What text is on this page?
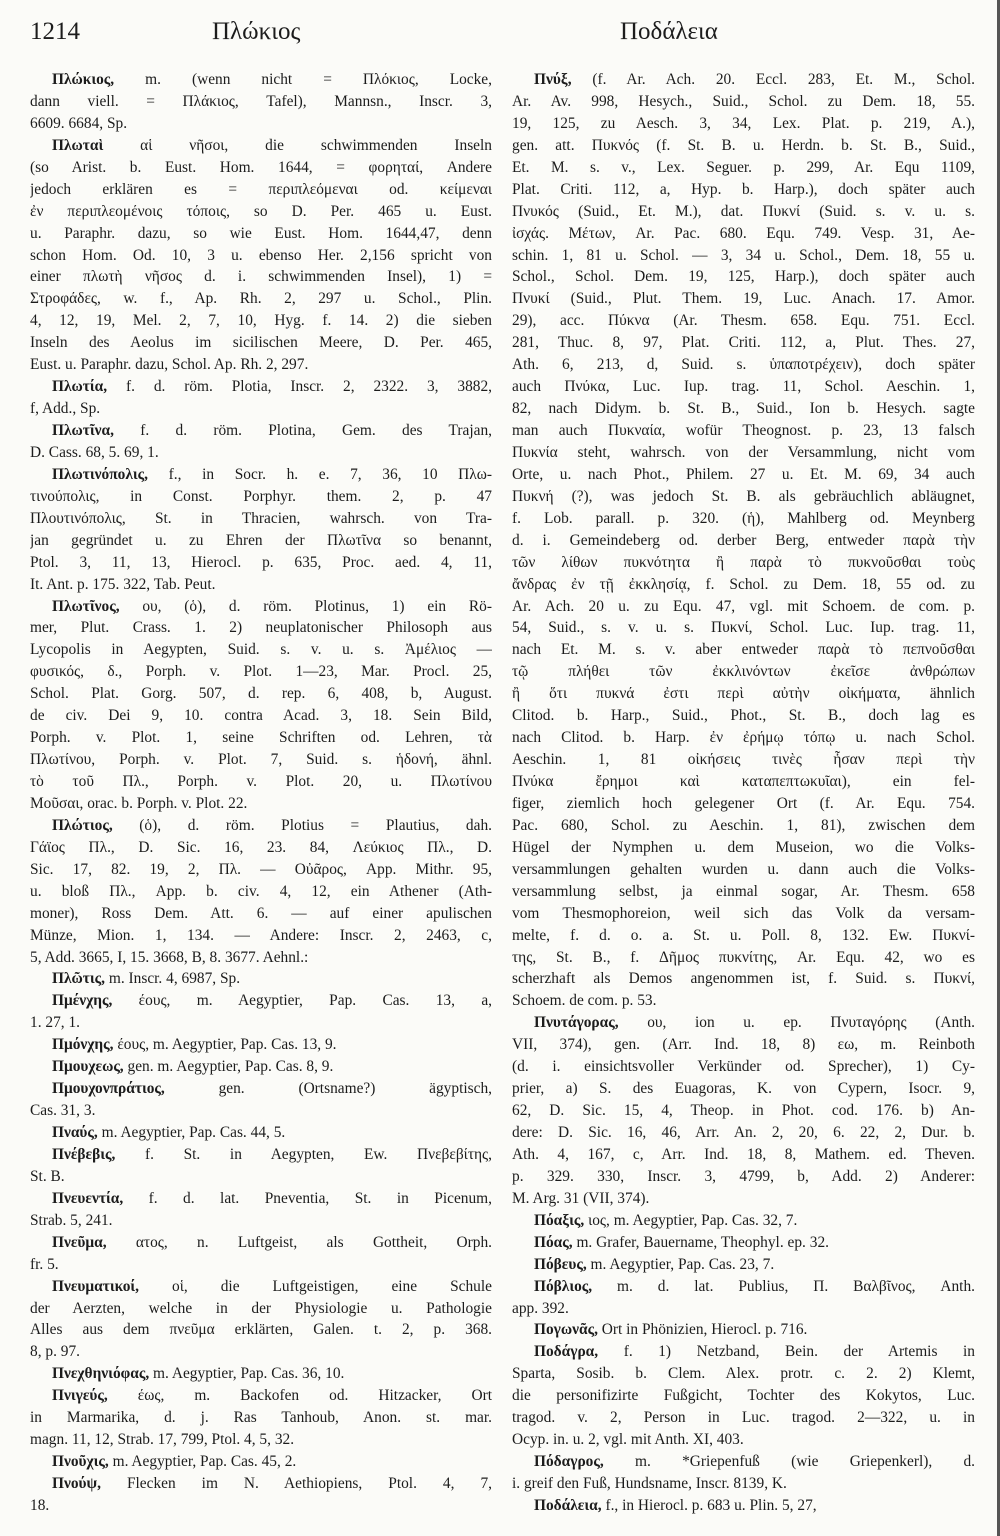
1214	Πλώκιος	Ποδάλεια
Πλώκιος, m. (wenn nicht = Πλόκιος, Locke,
dann viell. = Πλάκιος, Tafel), Mannsn., Inscr. 3,
6609. 6684, Sp.
Πλωταὶ αἱ νῆσοι, die schwimmenden Inseln
(so Arist. b. Eust. Hom. 1644, = φορηταί, Andere
jedoch erklären es = περιπλεόμεναι od. κείμεναι
ἐν περιπλεομένοις τόποις, so D. Per. 465 u. Eust.
u. Paraphr. dazu, so wie Eust. Hom. 1644,47, denn
schon Hom. Od. 10, 3 u. ebenso Her. 2,156 spricht von
einer πλωτὴ νῆσος d. i. schwimmenden Insel), 1) =
Στροφάδες, w. f., Ap. Rh. 2, 297 u. Schol., Plin.
4, 12, 19, Mel. 2, 7, 10, Hyg. f. 14. 2) die sieben
Inseln des Aeolus im sicilischen Meere, D. Per. 465,
Eust. u. Paraphr. dazu, Schol. Ap. Rh. 2, 297.
Πλωτία, f. d. röm. Plotia, Inscr. 2, 2322. 3, 3882,
f, Add., Sp.
Πλωτῖνα, f. d. röm. Plotina, Gem. des Trajan,
D. Cass. 68, 5. 69, 1.
Πλωτινόπολις, f., in Socr. h. e. 7, 36, 10 Πλω-
τινούπολις, in Const. Porphyr. them. 2, p. 47
Πλουτινόπολις, St. in Thracien, wahrsch. von Tra-
jan gegründet u. zu Ehren der Πλωτῖνα so benannt,
Ptol. 3, 11, 13, Hierocl. p. 635, Proc. aed. 4, 11,
It. Ant. p. 175. 322, Tab. Peut.
Πλωτῖνος, ου, (ὁ), d. röm. Plotinus, 1) ein Rö-
mer, Plut. Crass. 1. 2) neuplatonischer Philosoph aus
Lycopolis in Aegypten, Suid. s. v. u. s. Ἀμέλιος —
φυσικός, δ., Porph. v. Plot. 1—23, Mar. Procl. 25,
Schol. Plat. Gorg. 507, d. rep. 6, 408, b, August.
de civ. Dei 9, 10. contra Acad. 3, 18. Sein Bild,
Porph. v. Plot. 1, seine Schriften od. Lehren, τὰ
Πλωτίνου, Porph. v. Plot. 7, Suid. s. ἡδονή, ähnl.
τὸ τοῦ Πλ., Porph. v. Plot. 20, u. Πλωτίνου
Μοῦσαι, orac. b. Porph. v. Plot. 22.
Πλώτιος, (ὁ), d. röm. Plotius = Plautius, dah.
Γάϊος Πλ., D. Sic. 16, 23. 84, Λεύκιος Πλ., D.
Sic. 17, 82. 19, 2, Πλ. — Οὐᾶρος, App. Mithr. 95,
u. bloß Πλ., App. b. civ. 4, 12, ein Athener (Ath-
moner), Ross Dem. Att. 6. — auf einer apulischen
Münze, Mion. 1, 134. — Andere: Inscr. 2, 2463, c,
5, Add. 3665, I, 15. 3668, B, 8. 3677. Aehnl.:
Πλῶτις, m. Inscr. 4, 6987, Sp.
Πμένχης, έους, m. Aegyptier, Pap. Cas. 13, a,
1. 27, 1.
Πμόνχης, έους, m. Aegyptier, Pap. Cas. 13, 9.
Πμουχεως, gen. m. Aegyptier, Pap. Cas. 8, 9.
Πμουχονπράτιος, gen. (Ortsname?) ägyptisch,
Cas. 31, 3.
Πναύς, m. Aegyptier, Pap. Cas. 44, 5.
Πνέβεβις, f. St. in Aegypten, Ew. Πνεβεβίτης,
St. B.
Πνευεντία, f. d. lat. Pneventia, St. in Picenum,
Strab. 5, 241.
Πνεῦμα, ατος, n. Luftgeist, als Gottheit, Orph.
fr. 5.
Πνευματικοί, οἱ, die Luftgeistigen, eine Schule
der Aerzten, welche in der Physiologie u. Pathologie
Alles aus dem πνεῦμα erklärten, Galen. t. 2, p. 368.
8, p. 97.
Πνεχθηνιόφας, m. Aegyptier, Pap. Cas. 36, 10.
Πνιγεύς, έως, m. Backofen od. Hitzacker, Ort
in Marmarika, d. j. Ras Tanhoub, Anon. st. mar.
magn. 11, 12, Strab. 17, 799, Ptol. 4, 5, 32.
Πνοῦχις, m. Aegyptier, Pap. Cas. 45, 2.
Πνούψ, Flecken im N. Aethiopiens, Ptol. 4, 7,
18.
Πνύξ, (f. Ar. Ach. 20. Eccl. 283, Et. M., Schol.
Ar. Av. 998, Hesych., Suid., Schol. zu Dem. 18, 55.
19, 125, zu Aesch. 3, 34, Lex. Plat. p. 219, A.),
gen. att. Πυκνός (f. St. B. u. Herdn. b. St. B., Suid.,
Et. M. s. v., Lex. Seguer. p. 299, Ar. Equ 1109,
Plat. Criti. 112, a, Hyp. b. Harp.), doch später auch
Πνυκός (Suid., Et. M.), dat. Πυκνί (Suid. s. v. u. s.
ἰσχάς. Μέτων, Ar. Pac. 680. Equ. 749. Vesp. 31, Ae-
schin. 1, 81 u. Schol. — 3, 34 u. Schol., Dem. 18, 55 u.
Schol., Schol. Dem. 19, 125, Harp.), doch später auch
Πνυκί (Suid., Plut. Them. 19, Luc. Anach. 17. Amor.
29), acc. Πύκνα (Ar. Thesm. 658. Equ. 751. Eccl.
281, Thuc. 8, 97, Plat. Criti. 112, a, Plut. Thes. 27,
Ath. 6, 213, d, Suid. s. ὑπαποτρέχειν), doch später
auch Πνύκα, Luc. Iup. trag. 11, Schol. Aeschin. 1,
82, nach Didym. b. St. B., Suid., Ion b. Hesych. sagte
man auch Πυκναία, wofür Theognost. p. 23, 13 falsch
Πυκνία steht, wahrsch. von der Versammlung, nicht vom
Orte, u. nach Phot., Philem. 27 u. Et. M. 69, 34 auch
Πυκνή (?), was jedoch St. B. als gebräuchlich abläugnet,
f. Lob. parall. p. 320. (ἡ), Mahlberg od. Meynberg
d. i. Gemeindeberg od. derber Berg, entweder παρὰ τὴν
τῶν λίθων πυκνότητα ἢ παρὰ τὸ πυκνοῦσθαι τοὺς
ἄνδρας ἐν τῇ ἐκκλησίᾳ, f. Schol. zu Dem. 18, 55 od. zu
Ar. Ach. 20 u. zu Equ. 47, vgl. mit Schoem. de com. p.
54, Suid., s. v. u. s. Πυκνί, Schol. Luc. Iup. trag. 11,
nach Et. M. s. v. aber entweder παρὰ τὸ πεπνοῦσθαι
τῷ πλήθει τῶν ἐκκλινόντων ἐκεῖσε ἀνθρώπων
ἢ ὅτι πυκνά ἐστι περὶ αὐτὴν οἰκήματα, ähnlich
Clitod. b. Harp., Suid., Phot., St. B., doch lag es
nach Clitod. b. Harp. ἐν ἐρήμῳ τόπῳ u. nach Schol.
Aeschin. 1, 81 οἰκήσεις τινὲς ἦσαν περὶ τὴν
Πνύκα ἔρημοι καὶ καταπεπτωκυῖαι), ein fel-
figer, ziemlich hoch gelegener Ort (f. Ar. Equ. 754.
Pac. 680, Schol. zu Aeschin. 1, 81), zwischen dem
Hügel der Nymphen u. dem Museion, wo die Volks-
versammlungen gehalten wurden u. dann auch die Volks-
versammlung selbst, ja einmal sogar, Ar. Thesm. 658
vom Thesmophoreion, weil sich das Volk da versam-
melte, f. d. o. a. St. u. Poll. 8, 132. Ew. Πυκνί-
της, St. B., f. Δῆμος πυκνίτης, Ar. Equ. 42, wo es
scherzhaft als Demos angenommen ist, f. Suid. s. Πυκνί,
Schoem. de com. p. 53.
Πνυτάγορας, ου, ion u. ep. Πνυταγόρης (Anth.
VII, 374), gen. (Arr. Ind. 18, 8) εω, m. Reinboth
(d. i. einsichtsvoller Verkünder od. Sprecher), 1) Cy-
prier, a) S. des Euagoras, K. von Cypern, Isocr. 9,
62, D. Sic. 15, 4, Theop. in Phot. cod. 176. b) An-
dere: D. Sic. 16, 46, Arr. An. 2, 20, 6. 22, 2, Dur. b.
Ath. 4, 167, c, Arr. Ind. 18, 8, Mathem. ed. Theven.
p. 329. 330, Inscr. 3, 4799, b, Add. 2) Anderer:
M. Arg. 31 (VII, 374).
Πόαξις, ιος, m. Aegyptier, Pap. Cas. 32, 7.
Πόας, m. Grafer, Bauername, Theophyl. ep. 32.
Πόβευς, m. Aegyptier, Pap. Cas. 23, 7.
Πόβλιος, m. d. lat. Publius, Π. Βαλβῖνος, Anth.
app. 392.
Πογωνᾶς, Ort in Phönizien, Hierocl. p. 716.
Ποδάγρα, f. 1) Netzband, Bein. der Artemis in
Sparta, Sosib. b. Clem. Alex. protr. c. 2. 2) Klemt,
die personifizirte Fußgicht, Tochter des Kokytos, Luc.
tragod. v. 2, Person in Luc. tragod. 2—322, u. in
Ocyp. in. u. 2, vgl. mit Anth. XI, 403.
Πόδαγρος, m. *Griepenfuß (wie Griepenkerl), d.
i. greif den Fuß, Hundsname, Inscr. 8139, K.
Ποδάλεια, f., in Hierocl. p. 683 u. Plin. 5, 27,
